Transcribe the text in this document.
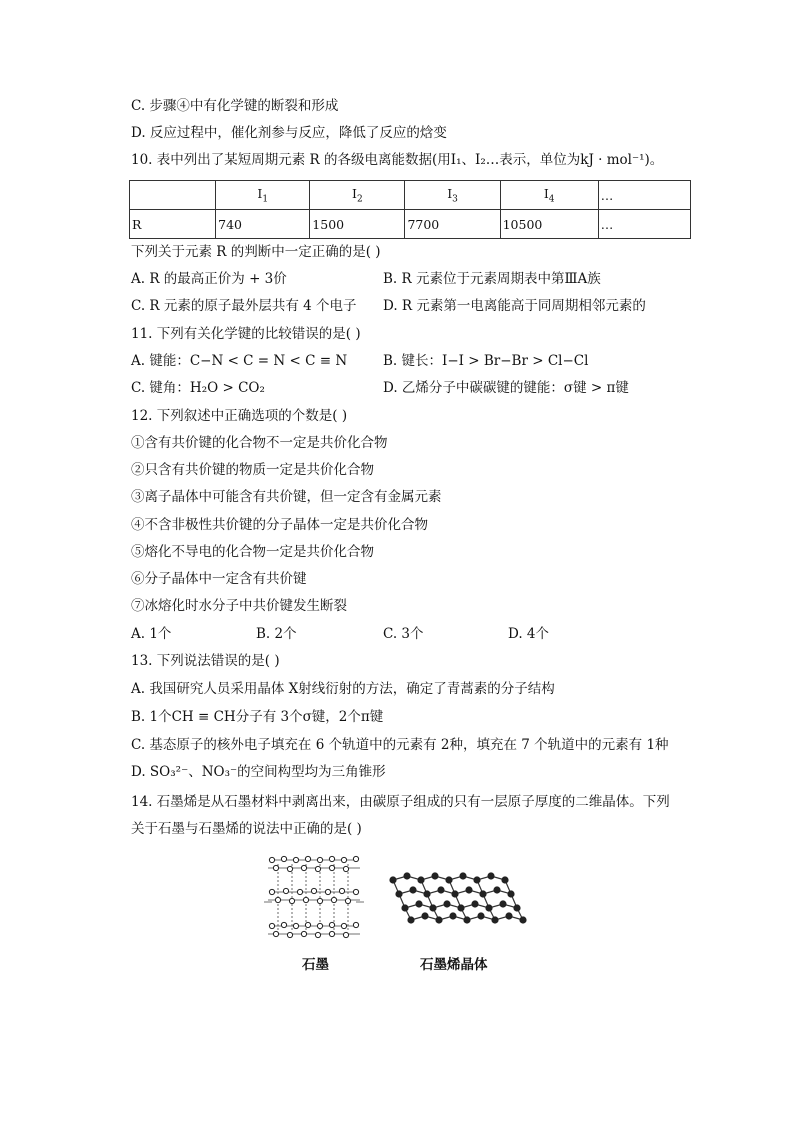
C. 步骤④中有化学键的断裂和形成
D. 反应过程中，催化剂参与反应，降低了反应的焓变
10. 表中列出了某短周期元素 R 的各级电离能数据(用I₁、I₂…表示，单位为kJ · mol⁻¹)。
	$I_1$	$I_2$	$I_3$	$I_4$	…
R	740	1500	7700	10500	…
下列关于元素 R 的判断中一定正确的是( )
A. R 的最高正价为 + 3价	B. R 元素位于元素周期表中第ⅢA族
C. R 元素的原子最外层共有 4 个电子 D. R 元素第一电离能高于同周期相邻元素的
11. 下列有关化学键的比较错误的是( )
A. 键能：C−N < C = N < C ≡ N	B. 键长：I−I > Br−Br > Cl−Cl
C. 键角：H₂O > CO₂	D. 乙烯分子中碳碳键的键能：σ键 > π键
12. 下列叙述中正确选项的个数是( )
①含有共价键的化合物不一定是共价化合物
②只含有共价键的物质一定是共价化合物
③离子晶体中可能含有共价键，但一定含有金属元素
④不含非极性共价键的分子晶体一定是共价化合物
⑤熔化不导电的化合物一定是共价化合物
⑥分子晶体中一定含有共价键
⑦冰熔化时水分子中共价键发生断裂
A. 1个	B. 2个	C. 3个	D. 4个
13. 下列说法错误的是( )
A. 我国研究人员采用晶体 X射线衍射的方法，确定了青蒿素的分子结构
B. 1个CH ≡ CH分子有 3个σ键，2个π键
C. 基态原子的核外电子填充在 6 个轨道中的元素有 2种，填充在 7 个轨道中的元素有 1种
D. SO₃²⁻、NO₃⁻的空间构型均为三角锥形
14. 石墨烯是从石墨材料中剥离出来，由碳原子组成的只有一层原子厚度的二维晶体。下列
关于石墨与石墨烯的说法中正确的是( )
石墨	石墨烯晶体
